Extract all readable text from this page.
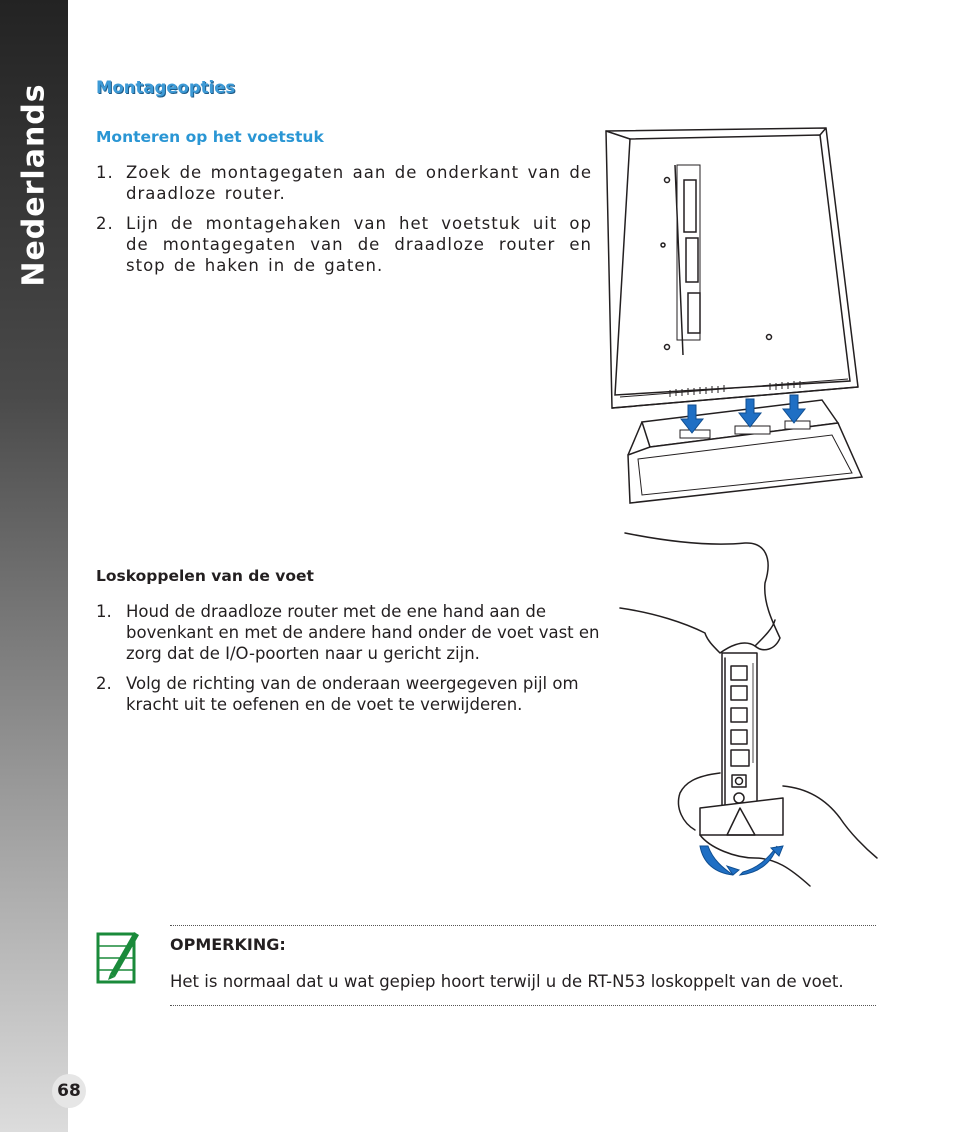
Nederlands
68
Montageopties
Monteren op het voetstuk
1. Zoek de montagegaten aan de onderkant van de draadloze router.
2. Lijn de montagehaken van het voetstuk uit op de montagegaten van de draadloze router en stop de haken in de gaten.
Loskoppelen van de voet
1. Houd de draadloze router met de ene hand aan de bovenkant en met de andere hand onder de voet vast en zorg dat de I/O-poorten naar u gericht zijn.
2. Volg de richting van de onderaan weergegeven pijl om kracht uit te oefenen en de voet te verwijderen.
OPMERKING:
Het is normaal dat u wat gepiep hoort terwijl u de RT-N53 loskoppelt van de voet.
